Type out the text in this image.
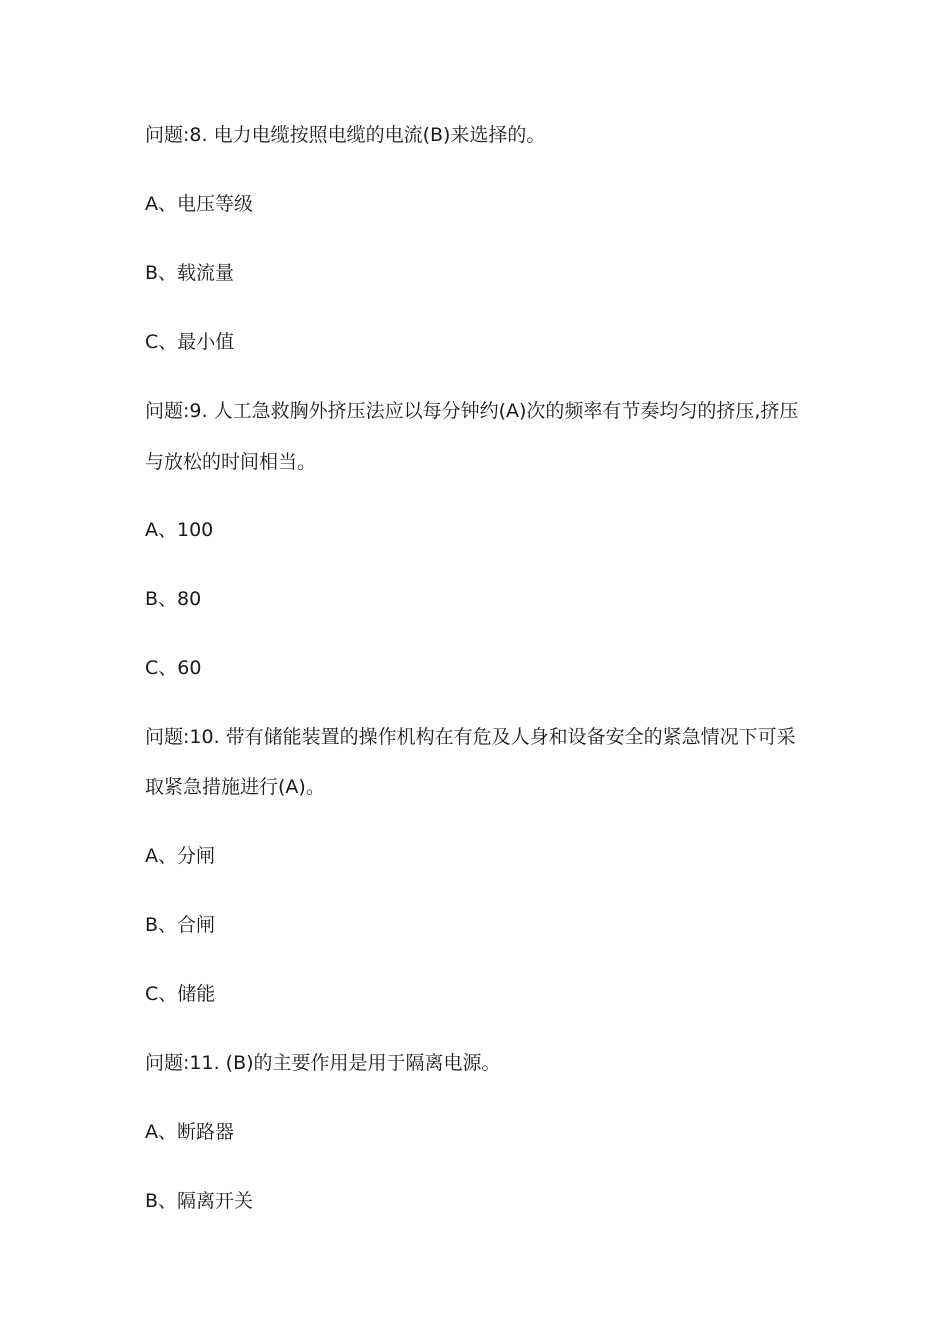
问题:8. 电力电缆按照电缆的电流(B)来选择的。
A、电压等级
B、载流量
C、最小值
问题:9. 人工急救胸外挤压法应以每分钟约(A)次的频率有节奏均匀的挤压,挤压
与放松的时间相当。
A、100
B、80
C、60
问题:10. 带有储能装置的操作机构在有危及人身和设备安全的紧急情况下可采
取紧急措施进行(A)。
A、分闸
B、合闸
C、储能
问题:11. (B)的主要作用是用于隔离电源。
A、断路器
B、隔离开关
